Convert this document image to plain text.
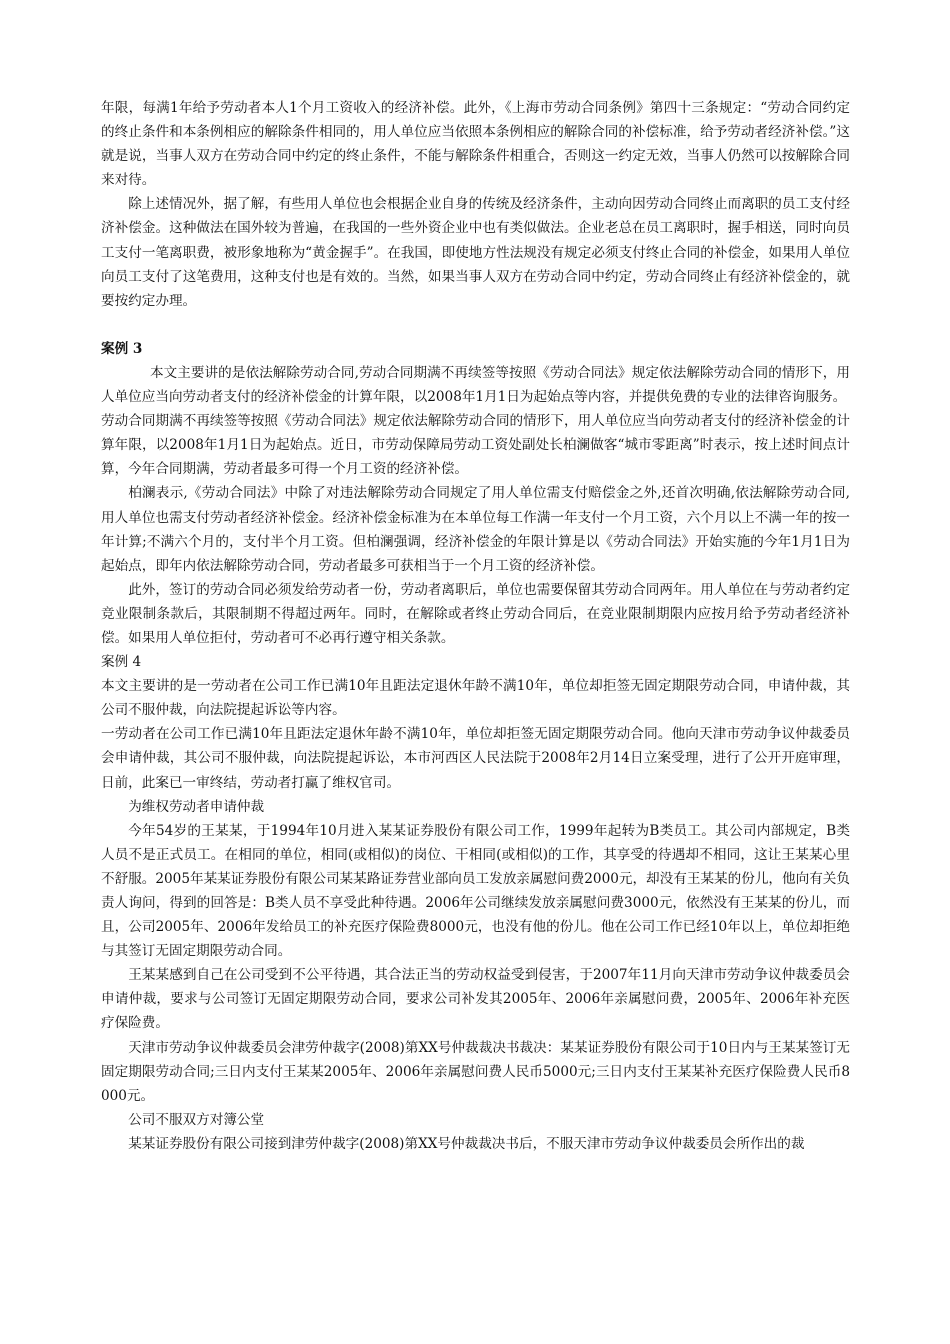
年限，每满1年给予劳动者本人1个月工资收入的经济补偿。此外，《上海市劳动合同条例》第四十三条规定：“劳动合同约定的终止条件和本条例相应的解除条件相同的，用人单位应当依照本条例相应的解除合同的补偿标准，给予劳动者经济补偿。”这就是说，当事人双方在劳动合同中约定的终止条件，不能与解除条件相重合，否则这一约定无效，当事人仍然可以按解除合同来对待。

除上述情况外，据了解，有些用人单位也会根据企业自身的传统及经济条件，主动向因劳动合同终止而离职的员工支付经济补偿金。这种做法在国外较为普遍，在我国的一些外资企业中也有类似做法。企业老总在员工离职时，握手相送，同时向员工支付一笔离职费，被形象地称为“黄金握手”。在我国，即使地方性法规没有规定必须支付终止合同的补偿金，如果用人单位向员工支付了这笔费用，这种支付也是有效的。当然，如果当事人双方在劳动合同中约定，劳动合同终止有经济补偿金的，就要按约定办理。

案例 3

本文主要讲的是依法解除劳动合同,劳动合同期满不再续签等按照《劳动合同法》规定依法解除劳动合同的情形下，用人单位应当向劳动者支付的经济补偿金的计算年限，以2008年1月1日为起始点等内容，并提供免费的专业的法律咨询服务。

劳动合同期满不再续签等按照《劳动合同法》规定依法解除劳动合同的情形下，用人单位应当向劳动者支付的经济补偿金的计算年限，以2008年1月1日为起始点。近日，市劳动保障局劳动工资处副处长柏澜做客“城市零距离”时表示，按上述时间点计算，今年合同期满，劳动者最多可得一个月工资的经济补偿。

柏澜表示,《劳动合同法》中除了对违法解除劳动合同规定了用人单位需支付赔偿金之外,还首次明确,依法解除劳动合同,用人单位也需支付劳动者经济补偿金。经济补偿金标准为在本单位每工作满一年支付一个月工资，六个月以上不满一年的按一年计算;不满六个月的，支付半个月工资。但柏澜强调，经济补偿金的年限计算是以《劳动合同法》开始实施的今年1月1日为起始点，即年内依法解除劳动合同，劳动者最多可获相当于一个月工资的经济补偿。

此外，签订的劳动合同必须发给劳动者一份，劳动者离职后，单位也需要保留其劳动合同两年。用人单位在与劳动者约定竞业限制条款后，其限制期不得超过两年。同时，在解除或者终止劳动合同后，在竞业限制期限内应按月给予劳动者经济补偿。如果用人单位拒付，劳动者可不必再行遵守相关条款。

案例 4

本文主要讲的是一劳动者在公司工作已满10年且距法定退休年龄不满10年，单位却拒签无固定期限劳动合同，申请仲裁，其公司不服仲裁，向法院提起诉讼等内容。

一劳动者在公司工作已满10年且距法定退休年龄不满10年，单位却拒签无固定期限劳动合同。他向天津市劳动争议仲裁委员会申请仲裁，其公司不服仲裁，向法院提起诉讼，本市河西区人民法院于2008年2月14日立案受理，进行了公开开庭审理，日前，此案已一审终结，劳动者打赢了维权官司。

为维权劳动者申请仲裁

今年54岁的王某某，于1994年10月进入某某证券股份有限公司工作，1999年起转为B类员工。其公司内部规定，B类人员不是正式员工。在相同的单位，相同(或相似)的岗位、干相同(或相似)的工作，其享受的待遇却不相同，这让王某某心里不舒服。2005年某某证券股份有限公司某某路证券营业部向员工发放亲属慰问费2000元，却没有王某某的份儿，他向有关负责人询问，得到的回答是：B类人员不享受此种待遇。2006年公司继续发放亲属慰问费3000元，依然没有王某某的份儿，而且，公司2005年、2006年发给员工的补充医疗保险费8000元，也没有他的份儿。他在公司工作已经10年以上，单位却拒绝与其签订无固定期限劳动合同。

王某某感到自己在公司受到不公平待遇，其合法正当的劳动权益受到侵害，于2007年11月向天津市劳动争议仲裁委员会申请仲裁，要求与公司签订无固定期限劳动合同，要求公司补发其2005年、2006年亲属慰问费，2005年、2006年补充医疗保险费。

天津市劳动争议仲裁委员会津劳仲裁字(2008)第XX号仲裁裁决书裁决：某某证券股份有限公司于10日内与王某某签订无固定期限劳动合同;三日内支付王某某2005年、2006年亲属慰问费人民币5000元;三日内支付王某某补充医疗保险费人民币8000元。

公司不服双方对簿公堂

某某证券股份有限公司接到津劳仲裁字(2008)第XX号仲裁裁决书后，不服天津市劳动争议仲裁委员会所作出的裁
